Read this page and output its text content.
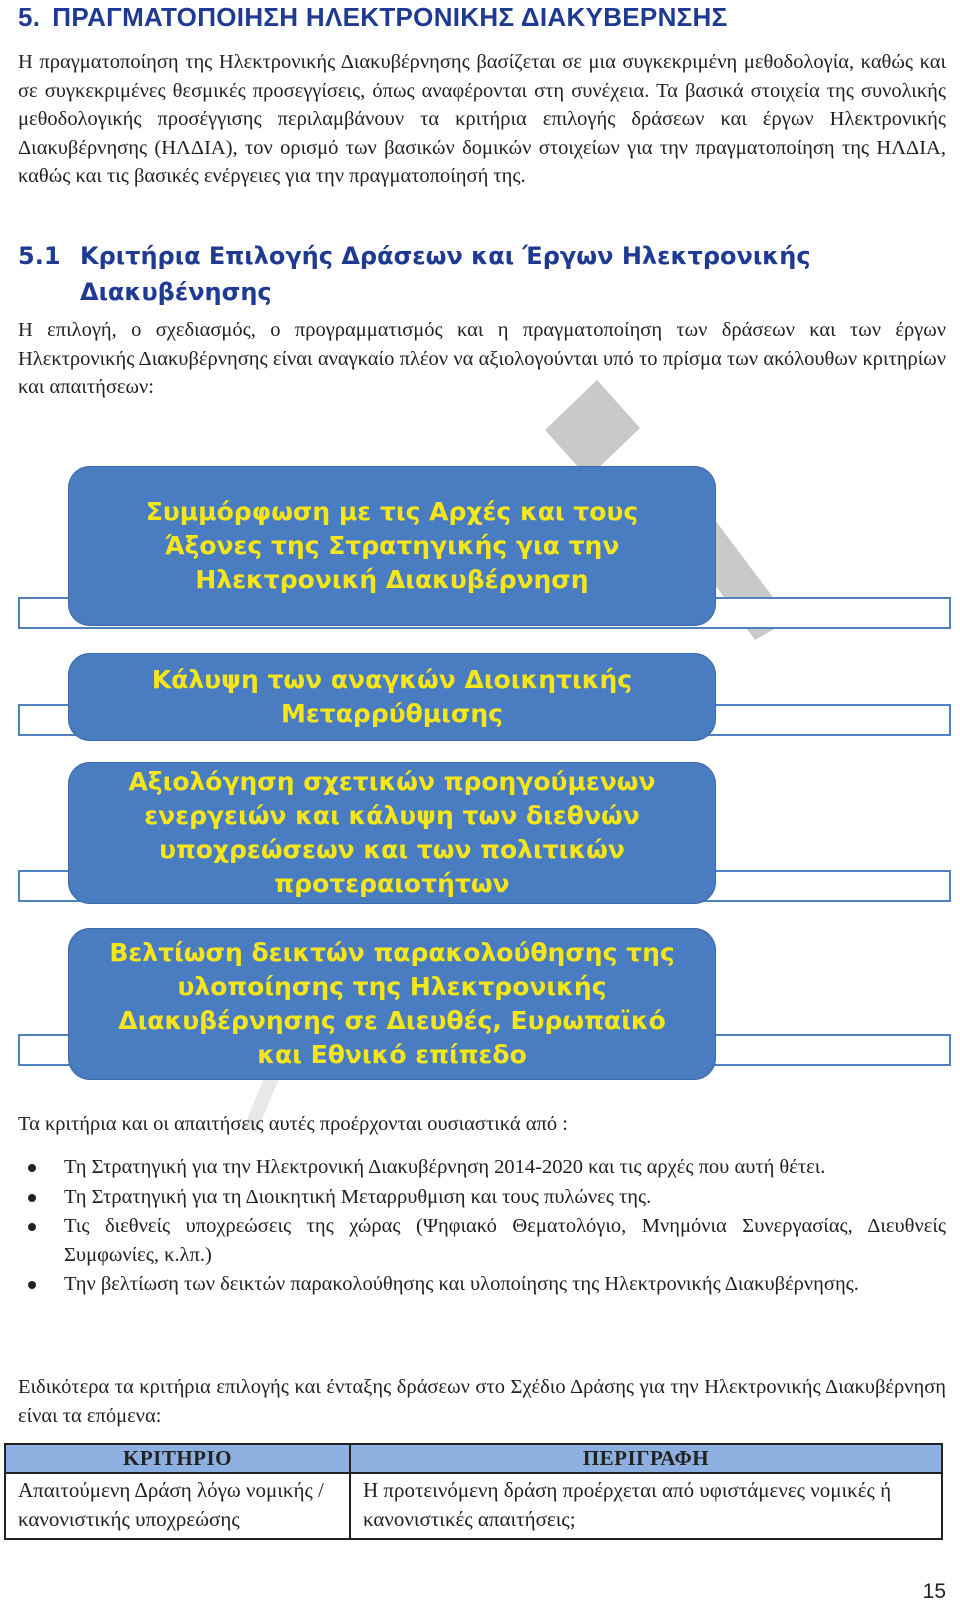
5. ΠΡΑΓΜΑΤΟΠΟΙΗΣΗ ΗΛΕΚΤΡΟΝΙΚΗΣ ΔΙΑΚΥΒΕΡΝΣΗΣ
Η πραγματοποίηση της Ηλεκτρονικής Διακυβέρνησης βασίζεται σε μια συγκεκριμένη μεθοδολογία, καθώς και σε συγκεκριμένες θεσμικές προσεγγίσεις, όπως αναφέρονται στη συνέχεια. Τα βασικά στοιχεία της συνολικής μεθοδολογικής προσέγγισης περιλαμβάνουν τα κριτήρια επιλογής δράσεων και έργων Ηλεκτρονικής Διακυβέρνησης (ΗΛΔΙΑ), τον ορισμό των βασικών δομικών στοιχείων για την πραγματοποίηση της ΗΛΔΙΑ, καθώς και τις βασικές ενέργειες για την πραγματοποίησή της.
5.1 Κριτήρια Επιλογής Δράσεων και Έργων Ηλεκτρονικής Διακυβένησης
Η επιλογή, ο σχεδιασμός, ο προγραμματισμός και η πραγματοποίηση των δράσεων και των έργων Ηλεκτρονικής Διακυβέρνησης είναι αναγκαίο πλέον να αξιολογούνται υπό το πρίσμα των ακόλουθων κριτηρίων και απαιτήσεων:
Συμμόρφωση με τις Αρχές και τους Άξονες της Στρατηγικής για την Ηλεκτρονική Διακυβέρνηση
Κάλυψη των αναγκών Διοικητικής Μεταρρύθμισης
Αξιολόγηση σχετικών προηγούμενων ενεργειών και κάλυψη των διεθνών υποχρεώσεων και των πολιτικών προτεραιοτήτων
Βελτίωση δεικτών παρακολούθησης της υλοποίησης της Ηλεκτρονικής Διακυβέρνησης σε Διευθές, Ευρωπαϊκό και Εθνικό επίπεδο
Τα κριτήρια και οι απαιτήσεις αυτές προέρχονται ουσιαστικά από :
Τη Στρατηγική για την Ηλεκτρονική Διακυβέρνηση 2014-2020 και τις αρχές που αυτή θέτει.
Τη Στρατηγική για τη Διοικητική Μεταρρυθμιση και τους πυλώνες της.
Τις διεθνείς υποχρεώσεις της χώρας (Ψηφιακό Θεματολόγιο, Μνημόνια Συνεργασίας, Διευθνείς Συμφωνίες, κ.λπ.)
Την βελτίωση των δεικτών παρακολούθησης και υλοποίησης της Ηλεκτρονικής Διακυβέρνησης.
Ειδικότερα τα κριτήρια επιλογής και ένταξης δράσεων στο Σχέδιο Δράσης για την Ηλεκτρονικής Διακυβέρνηση είναι τα επόμενα:
ΚΡΙΤΗΡΙΟ	ΠΕΡΙΓΡΑΦΗ
Απαιτούμενη Δράση λόγω νομικής / κανονιστικής υποχρεώσης	Η προτεινόμενη δράση προέρχεται από υφιστάμενες νομικές ή κανονιστικές απαιτήσεις;
15
